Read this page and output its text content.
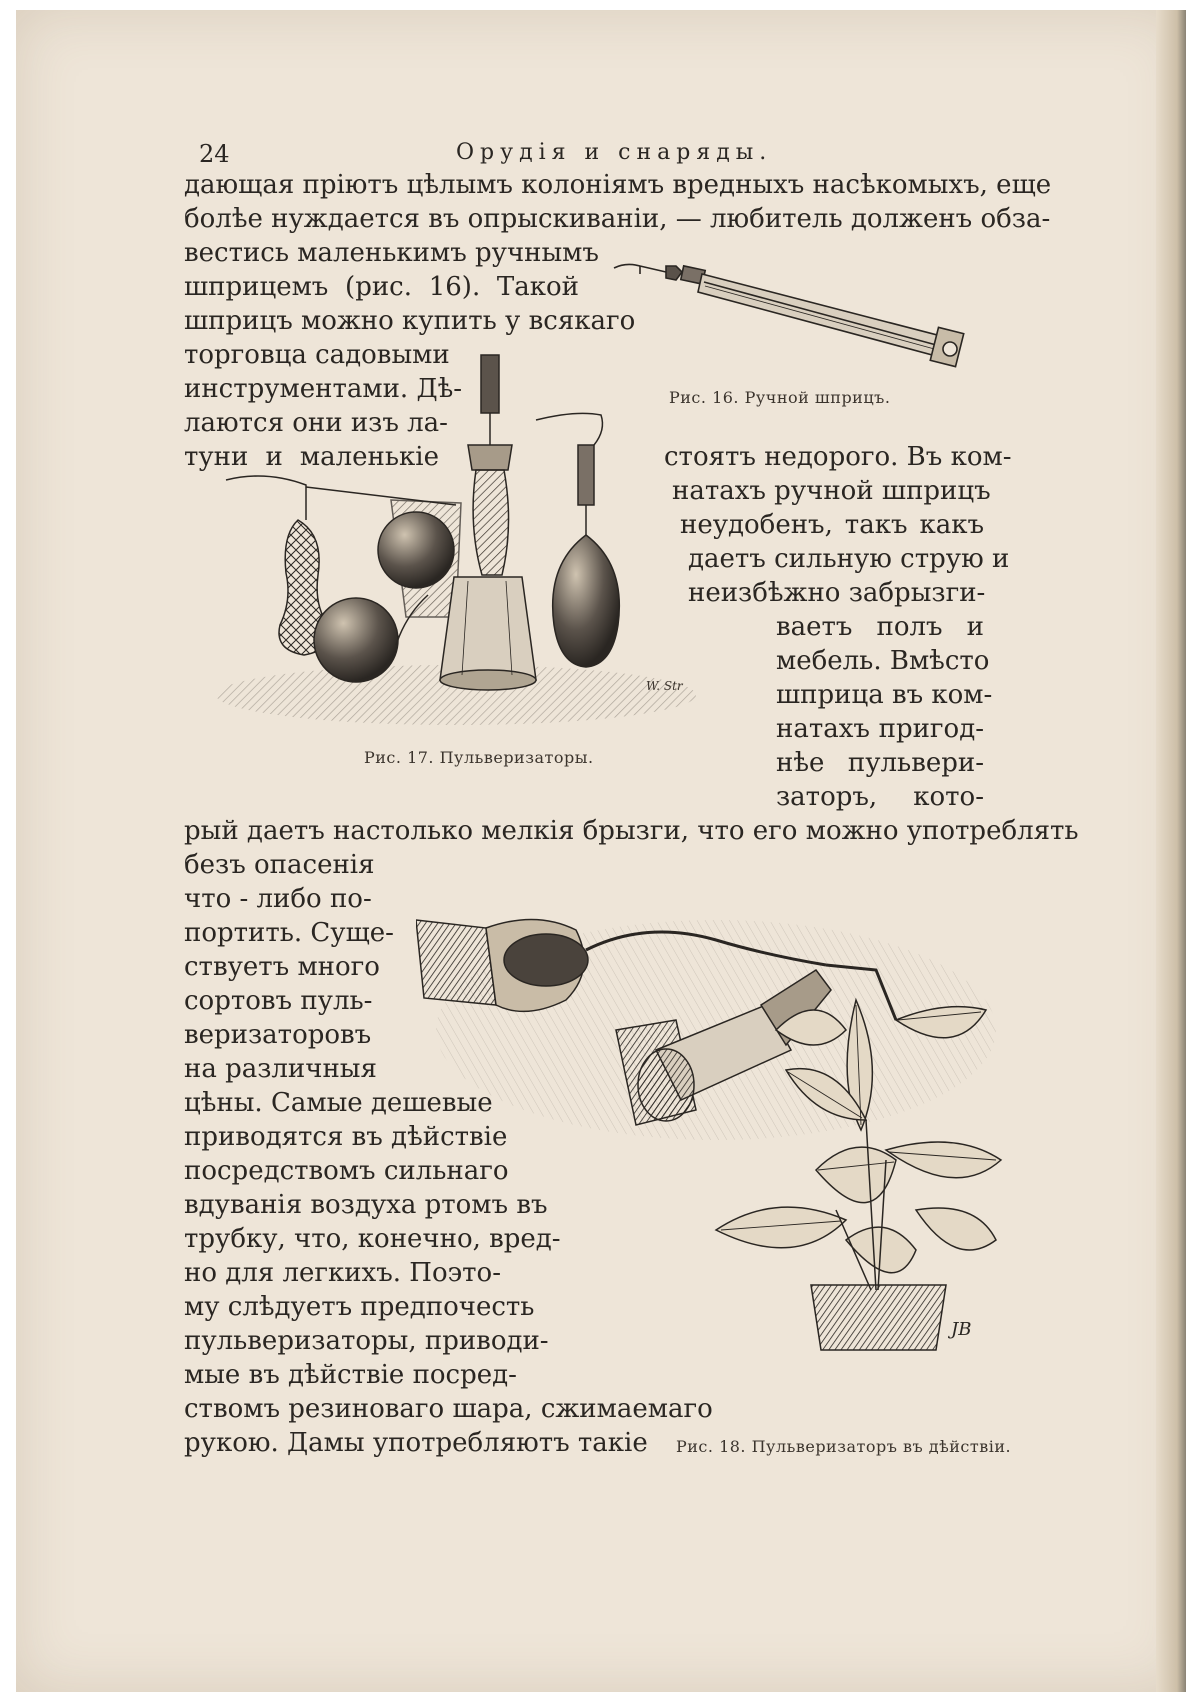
24	Орудія и снаряды.
дающая пріютъ цѣлымъ колоніямъ вредныхъ насѣкомыхъ, еще
болѣе нуждается въ опрыскиваніи, — любитель долженъ обза-
вестись маленькимъ ручнымъ
шприцемъ (рис. 16). Такой
шприцъ можно купить у всякаго
торговца садовыми
инструментами. Дѣ-
лаются они изъ ла-
туни и маленькіе	стоятъ недорого. Въ ком-
натахъ ручной шприцъ
неудобенъ, такъ какъ
даетъ сильную струю и
неизбѣжно забрызги-
ваетъ полъ и
мебель. Вмѣсто
шприца въ ком-
натахъ пригод-
нѣе пульвери-
заторъ, кото-
рый даетъ настолько мелкія брызги, что его можно употреблять
безъ опасенія
что - либо по-
портить. Суще-
ствуетъ много
сортовъ пуль-
веризаторовъ
на различныя
цѣны. Самые дешевые
приводятся въ дѣйствіе
посредствомъ сильнаго
вдуванія воздуха ртомъ въ
трубку, что, конечно, вред-
но для легкихъ. Поэто-
му слѣдуетъ предпочесть
пульверизаторы, приводи-
мые въ дѣйствіе посред-
ствомъ резиноваго шара, сжимаемаго
рукою. Дамы употребляютъ такіе
Рис. 16. Ручной шприцъ.
W. Str
Рис. 17. Пульверизаторы.
JB
Рис. 18. Пульверизаторъ въ дѣйствіи.
